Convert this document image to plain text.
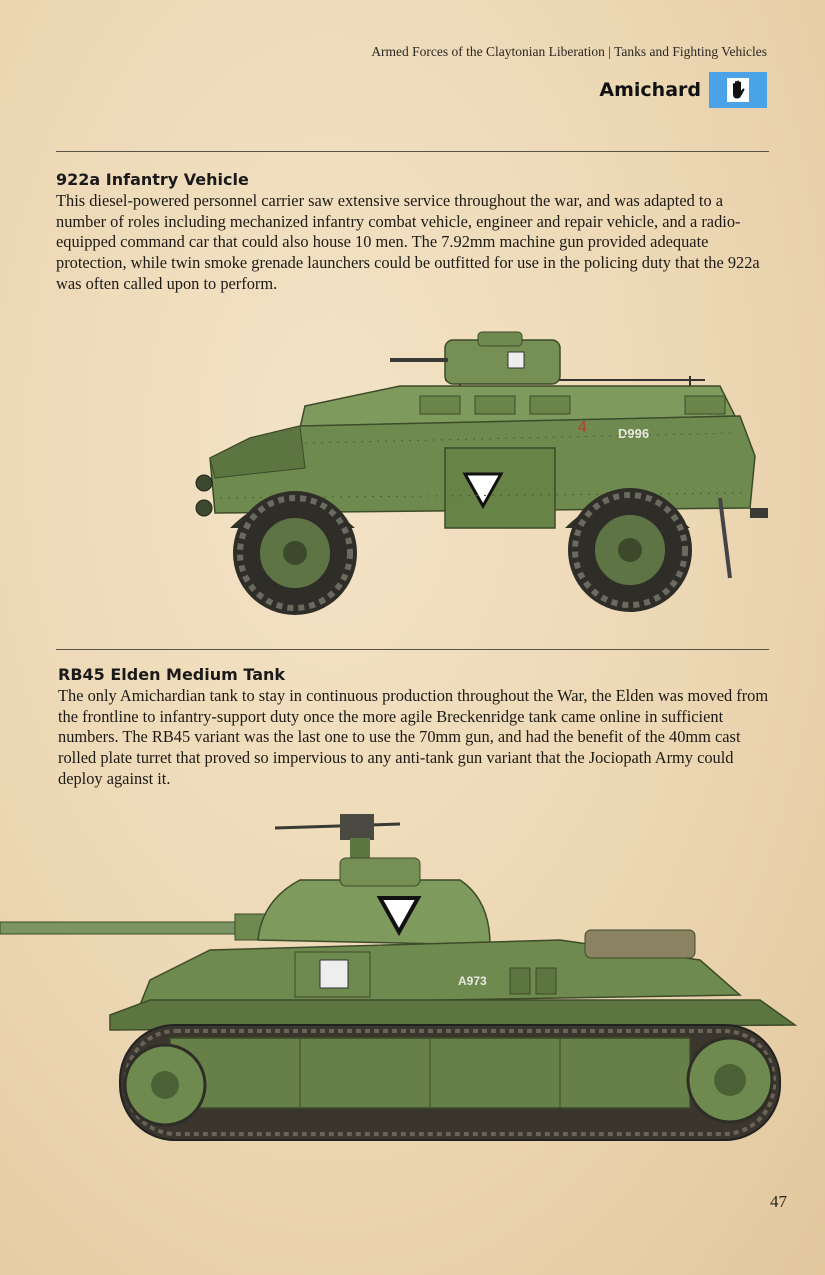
Armed Forces of the Claytonian Liberation | Tanks and Fighting Vehicles
Amichard
922a Infantry Vehicle
This diesel-powered personnel carrier saw extensive service throughout the war, and was adapted to a number of roles including mechanized infantry combat vehicle, engineer and repair vehicle, and a radio-equipped command car that could also house 10 men. The 7.92mm machine gun provided adequate protection, while twin smoke grenade launchers could be outfitted for use in the policing duty that the 922a was often called upon to perform.
4 D996
RB45 Elden Medium Tank
The only Amichardian tank to stay in continuous production throughout the War, the Elden was moved from the frontline to infantry-support duty once the more agile Breckenridge tank came online in sufficient numbers. The RB45 variant was the last one to use the 70mm gun, and had the benefit of the 40mm cast rolled plate turret that proved so impervious to any anti-tank gun variant that the Jociopath Army could deploy against it.
A973
47
